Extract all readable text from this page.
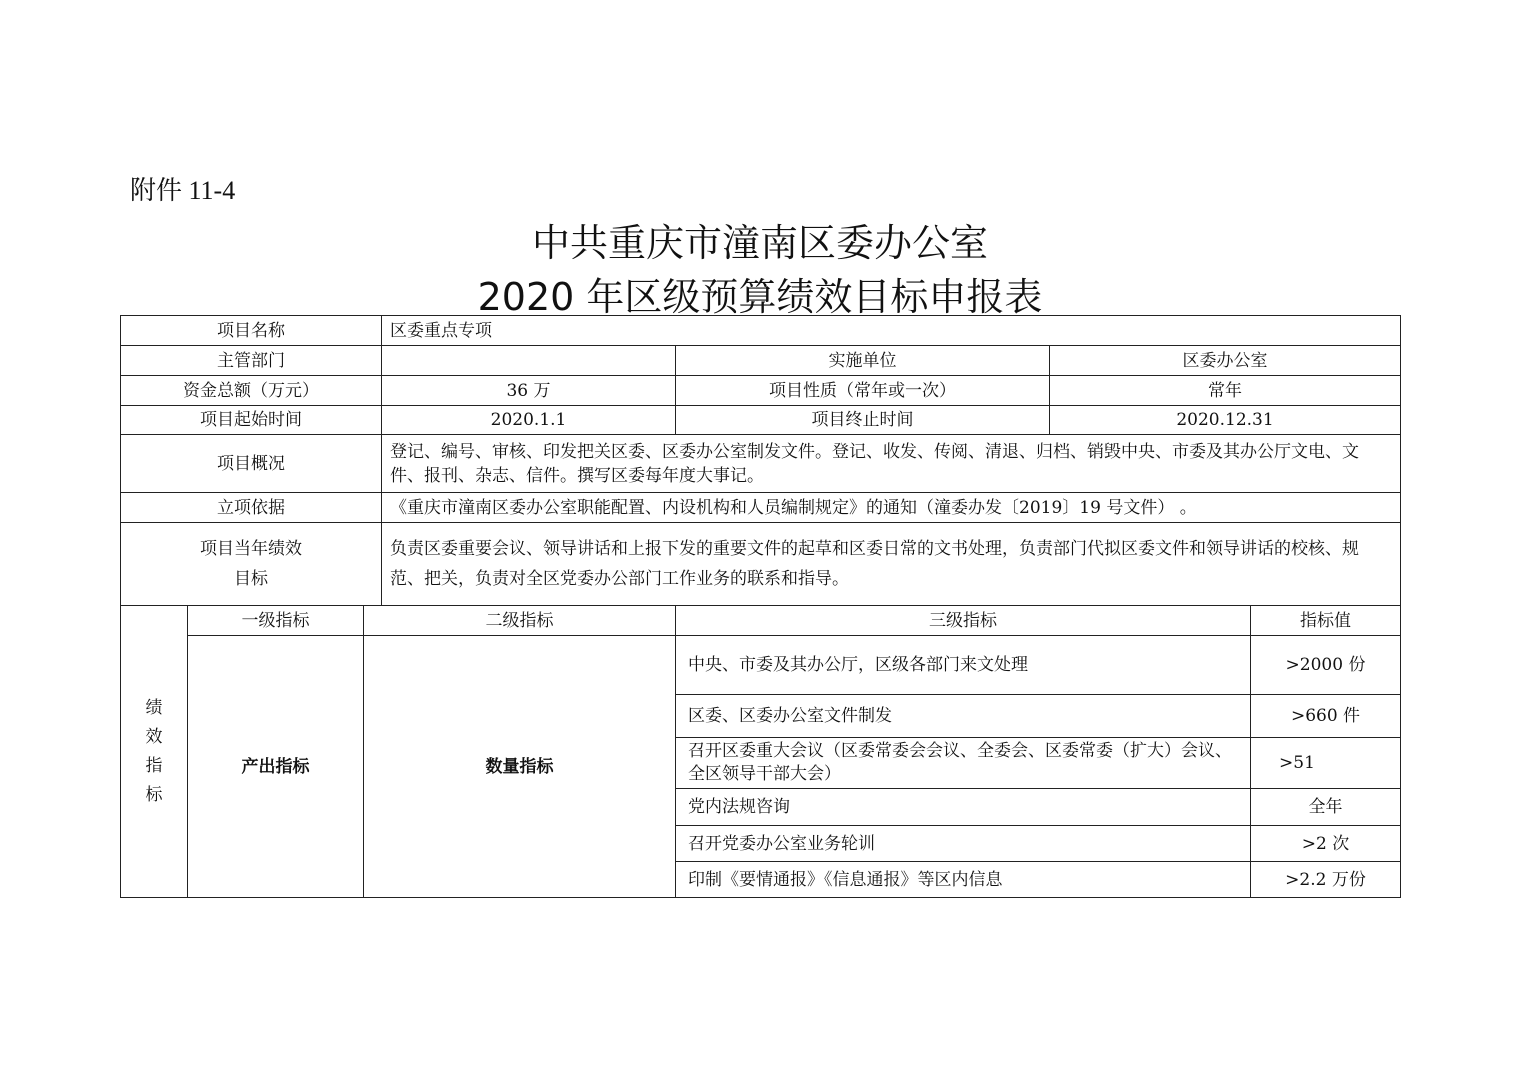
附件 11-4
中共重庆市潼南区委办公室
2020 年区级预算绩效目标申报表
项目名称			区委重点专项			
主管部门				实施单位	区委办公室	
资金总额（万元）			36 万	项目性质（常年或一次）	常年	
项目起始时间			2020.1.1	项目终止时间	2020.12.31	
项目概况			登记、编号、审核、印发把关区委、区委办公室制发文件。登记、收发、传阅、清退、归档、销毁中央、市委及其办公厅文电、文件、报刊、杂志、信件。撰写区委每年度大事记。			
立项依据			《重庆市潼南区委办公室职能配置、内设机构和人员编制规定》的通知（潼委办发〔2019〕19 号文件） 。			

项目当年绩效
目标			负责区委重要会议、领导讲话和上报下发的重要文件的起草和区委日常的文书处理，负责部门代拟区委文件和领导讲话的校核、规范、把关，负责对全区党委办公部门工作业务的联系和指导。			

绩
效
指
标	一级指标	二级指标		三级指标		指标值
	产出指标	数量指标		中央、市委及其办公厅，区级各部门来文处理		>2000 份
				区委、区委办公室文件制发		>660 件
				召开区委重大会议（区委常委会会议、全委会、区委常委（扩大）会议、全区领导干部大会）		>51
				党内法规咨询		全年
				召开党委办公室业务轮训		>2 次
				印制《要情通报》《信息通报》等区内信息		>2.2 万份
